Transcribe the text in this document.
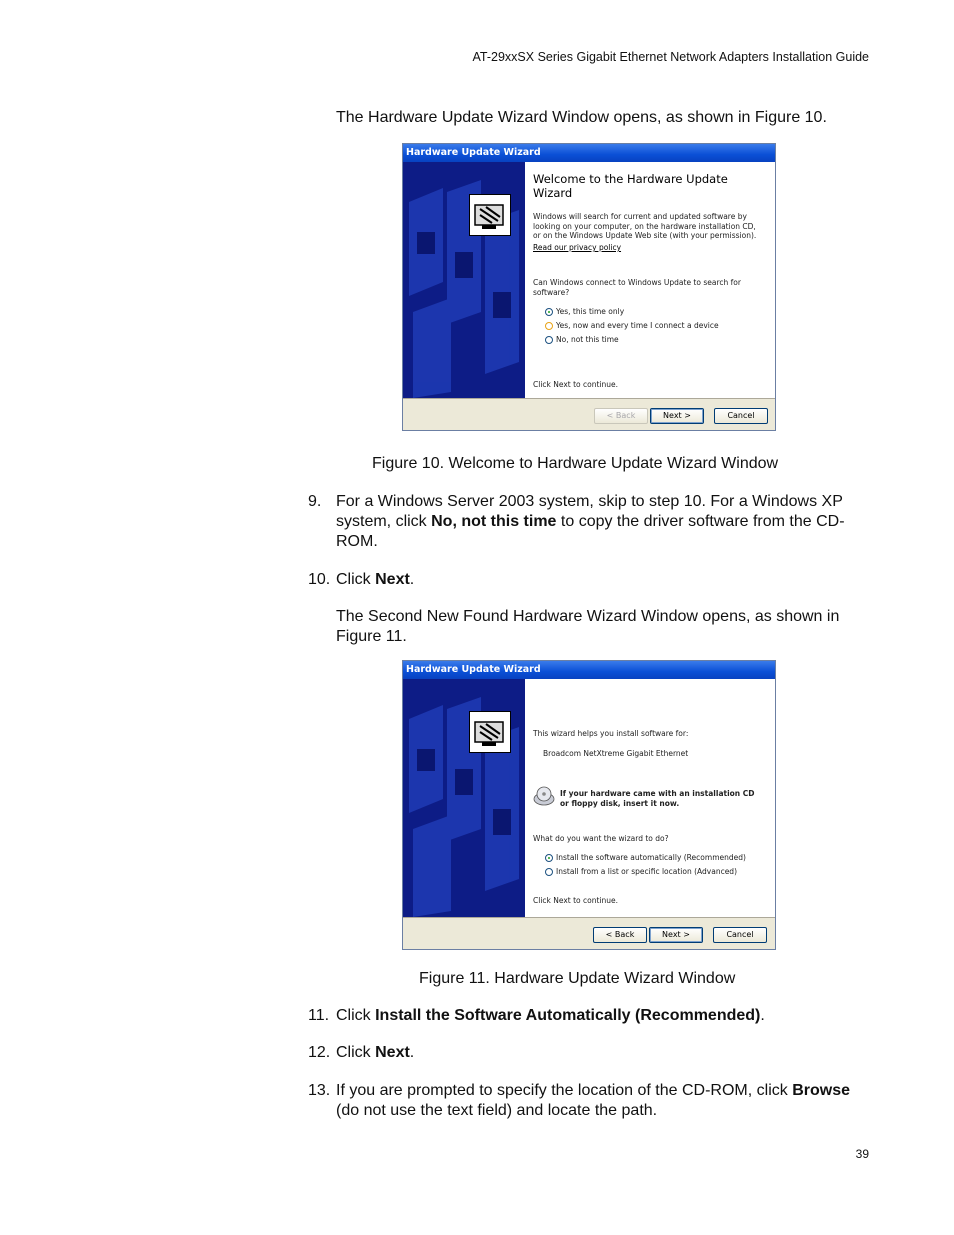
AT-29xxSX Series Gigabit Ethernet Network Adapters Installation Guide
The Hardware Update Wizard Window opens, as shown in Figure 10.
Hardware Update Wizard
Welcome to the Hardware Update Wizard
Windows will search for current and updated software by looking on your computer, on the hardware installation CD, or on the Windows Update Web site (with your permission).
Read our privacy policy
Can Windows connect to Windows Update to search for software?
Yes, this time only
Yes, now and every time I connect a device
No, not this time
Click Next to continue.
< Back	Next >	Cancel
Figure 10. Welcome to Hardware Update Wizard Window
9. For a Windows Server 2003 system, skip to step 10. For a Windows XP system, click No, not this time to copy the driver software from the CD-ROM.
10. Click Next.
The Second New Found Hardware Wizard Window opens, as shown in Figure 11.
Hardware Update Wizard
This wizard helps you install software for:
Broadcom NetXtreme Gigabit Ethernet
If your hardware came with an installation CD or floppy disk, insert it now.
What do you want the wizard to do?
Install the software automatically (Recommended)
Install from a list or specific location (Advanced)
Click Next to continue.
< Back	Next >	Cancel
Figure 11. Hardware Update Wizard Window
11. Click Install the Software Automatically (Recommended).
12. Click Next.
13. If you are prompted to specify the location of the CD-ROM, click Browse (do not use the text field) and locate the path.
39
